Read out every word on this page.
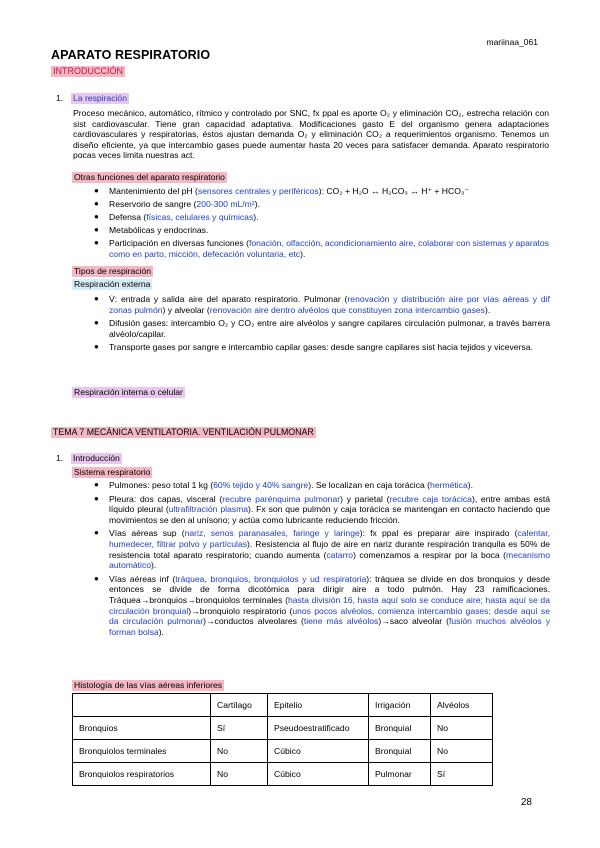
mariinaa_061
APARATO RESPIRATORIO
INTRODUCCIÓN
1. La respiración
Proceso mecánico, automático, rítmico y controlado por SNC, fx ppal es aporte O₂ y eliminación CO₂, estrecha relación con sist cardiovascular. Tiene gran capacidad adaptativa. Modificaciones gasto E del organismo genera adaptaciones cardiovasculares y respiratorias, éstos ajustan demanda O₂ y eliminación CO₂ a requerimientos organismo. Tenemos un diseño eficiente, ya que intercambio gases puede aumentar hasta 20 veces para satisfacer demanda. Aparato respiratorio pocas veces limita nuestras act.
Otras funciones del aparato respiratorio
● Mantenimiento del pH (sensores centrales y periféricos): CO₂ + H₂O ↔ H₂CO₃ ↔ H⁺ + HCO₃⁻
● Reservorio de sangre (200-300 mL/m²).
● Defensa (físicas, celulares y químicas).
● Metabólicas y endocrinas.
● Participación en diversas funciones (fonación, olfacción, acondicionamiento aire, colaborar con sistemas y aparatos como en parto, micción, defecación voluntaria, etc).
Tipos de respiración
Respiración externa
● V̇: entrada y salida aire del aparato respiratorio. Pulmonar (renovación y distribución aire por vías aéreas y dif zonas pulmón) y alveolar (renovación aire dentro alvéolos que constituyen zona intercambio gases).
● Difusión gases: intercambio O₂ y CO₂ entre aire alvéolos y sangre capilares circulación pulmonar, a través barrera alvéolo/capilar.
● Transporte gases por sangre e intercambio capilar gases: desde sangre capilares sist hacia tejidos y viceversa.
Respiración interna o celular
TEMA 7 MECÁNICA VENTILATORIA. VENTILACIÓN PULMONAR
1. Introducción
Sistema respiratorio
● Pulmones: peso total 1 kg (60% tejido y 40% sangre). Se localizan en caja torácica (hermética).
● Pleura: dos capas, visceral (recubre parénquima pulmonar) y parietal (recubre caja torácica), entre ambas está líquido pleural (ultrafiltración plasma). Fx son que pulmón y caja torácica se mantengan en contacto haciendo que movimientos se den al unísono; y actúa como lubricante reduciendo fricción.
● Vías aéreas sup (nariz, senos paranasales, faringe y laringe): fx ppal es preparar aire inspirado (calentar, humedecer, filtrar polvo y partículas). Resistencia al flujo de aire en nariz durante respiración tranquila es 50% de resistencia total aparato respiratorio; cuando aumenta (catarro) comenzamos a respirar por la boca (mecanismo automático).
● Vías aéreas inf (tráquea, bronquios, bronquiolos y ud respiratoria): tráquea se divide en dos bronquios y desde entonces se divide de forma dicotómica para dirigir aire a todo pulmón. Hay 23 ramificaciones. Tráquea→bronquios→bronquiolos terminales (hasta división 16, hasta aquí solo se conduce aire; hasta aquí se da circulación bronquial)→bronquiolo respiratorio (unos pocos alvéolos, comienza intercambio gases; desde aquí se da circulación pulmonar)→conductos alveolares (tiene más alvéolos)→saco alveolar (fusión muchos alvéolos y forman bolsa).
Histología de las vías aéreas inferiores
	Cartílago	Epitelio	Irrigación	Alvéolos
Bronquios	Sí	Pseudoestratificado	Bronquial	No
Bronquiolos terminales	No	Cúbico	Bronquial	No
Bronquiolos respiratorios	No	Cúbico	Pulmonar	Sí
28
